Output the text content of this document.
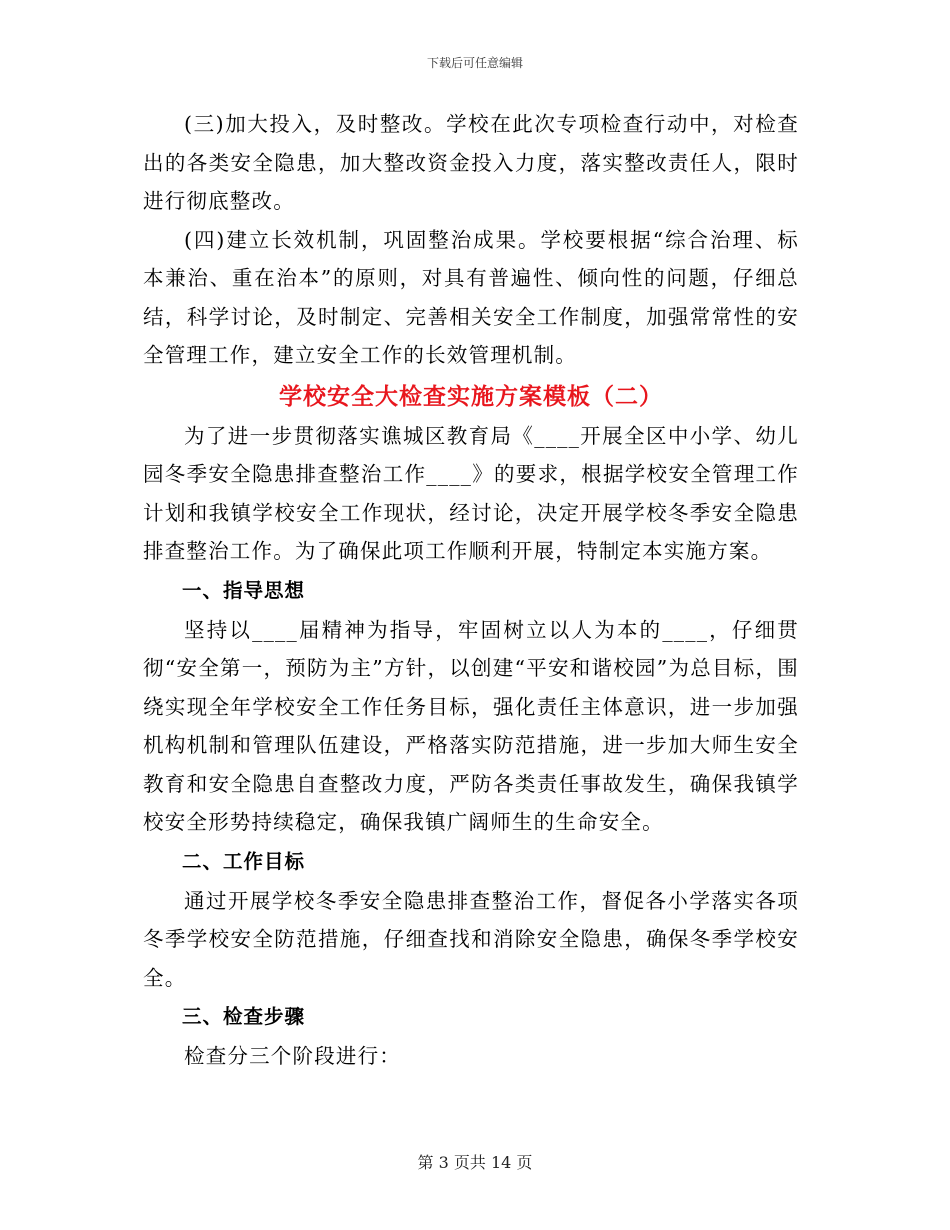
下载后可任意编辑

(三)加大投入，及时整改。学校在此次专项检查行动中，对检查出的各类安全隐患，加大整改资金投入力度，落实整改责任人，限时进行彻底整改。

(四)建立长效机制，巩固整治成果。学校要根据“综合治理、标本兼治、重在治本”的原则，对具有普遍性、倾向性的问题，仔细总结，科学讨论，及时制定、完善相关安全工作制度，加强常常性的安全管理工作，建立安全工作的长效管理机制。

学校安全大检查实施方案模板（二）

为了进一步贯彻落实谯城区教育局《____开展全区中小学、幼儿园冬季安全隐患排查整治工作____》的要求，根据学校安全管理工作计划和我镇学校安全工作现状，经讨论，决定开展学校冬季安全隐患排查整治工作。为了确保此项工作顺利开展，特制定本实施方案。

一、指导思想

坚持以____届精神为指导，牢固树立以人为本的____，仔细贯彻“安全第一，预防为主”方针，以创建“平安和谐校园”为总目标，围绕实现全年学校安全工作任务目标，强化责任主体意识，进一步加强机构机制和管理队伍建设，严格落实防范措施，进一步加大师生安全教育和安全隐患自查整改力度，严防各类责任事故发生，确保我镇学校安全形势持续稳定，确保我镇广阔师生的生命安全。

二、工作目标

通过开展学校冬季安全隐患排查整治工作，督促各小学落实各项冬季学校安全防范措施，仔细查找和消除安全隐患，确保冬季学校安全。

三、检查步骤

检查分三个阶段进行：

第 3 页共 14 页
